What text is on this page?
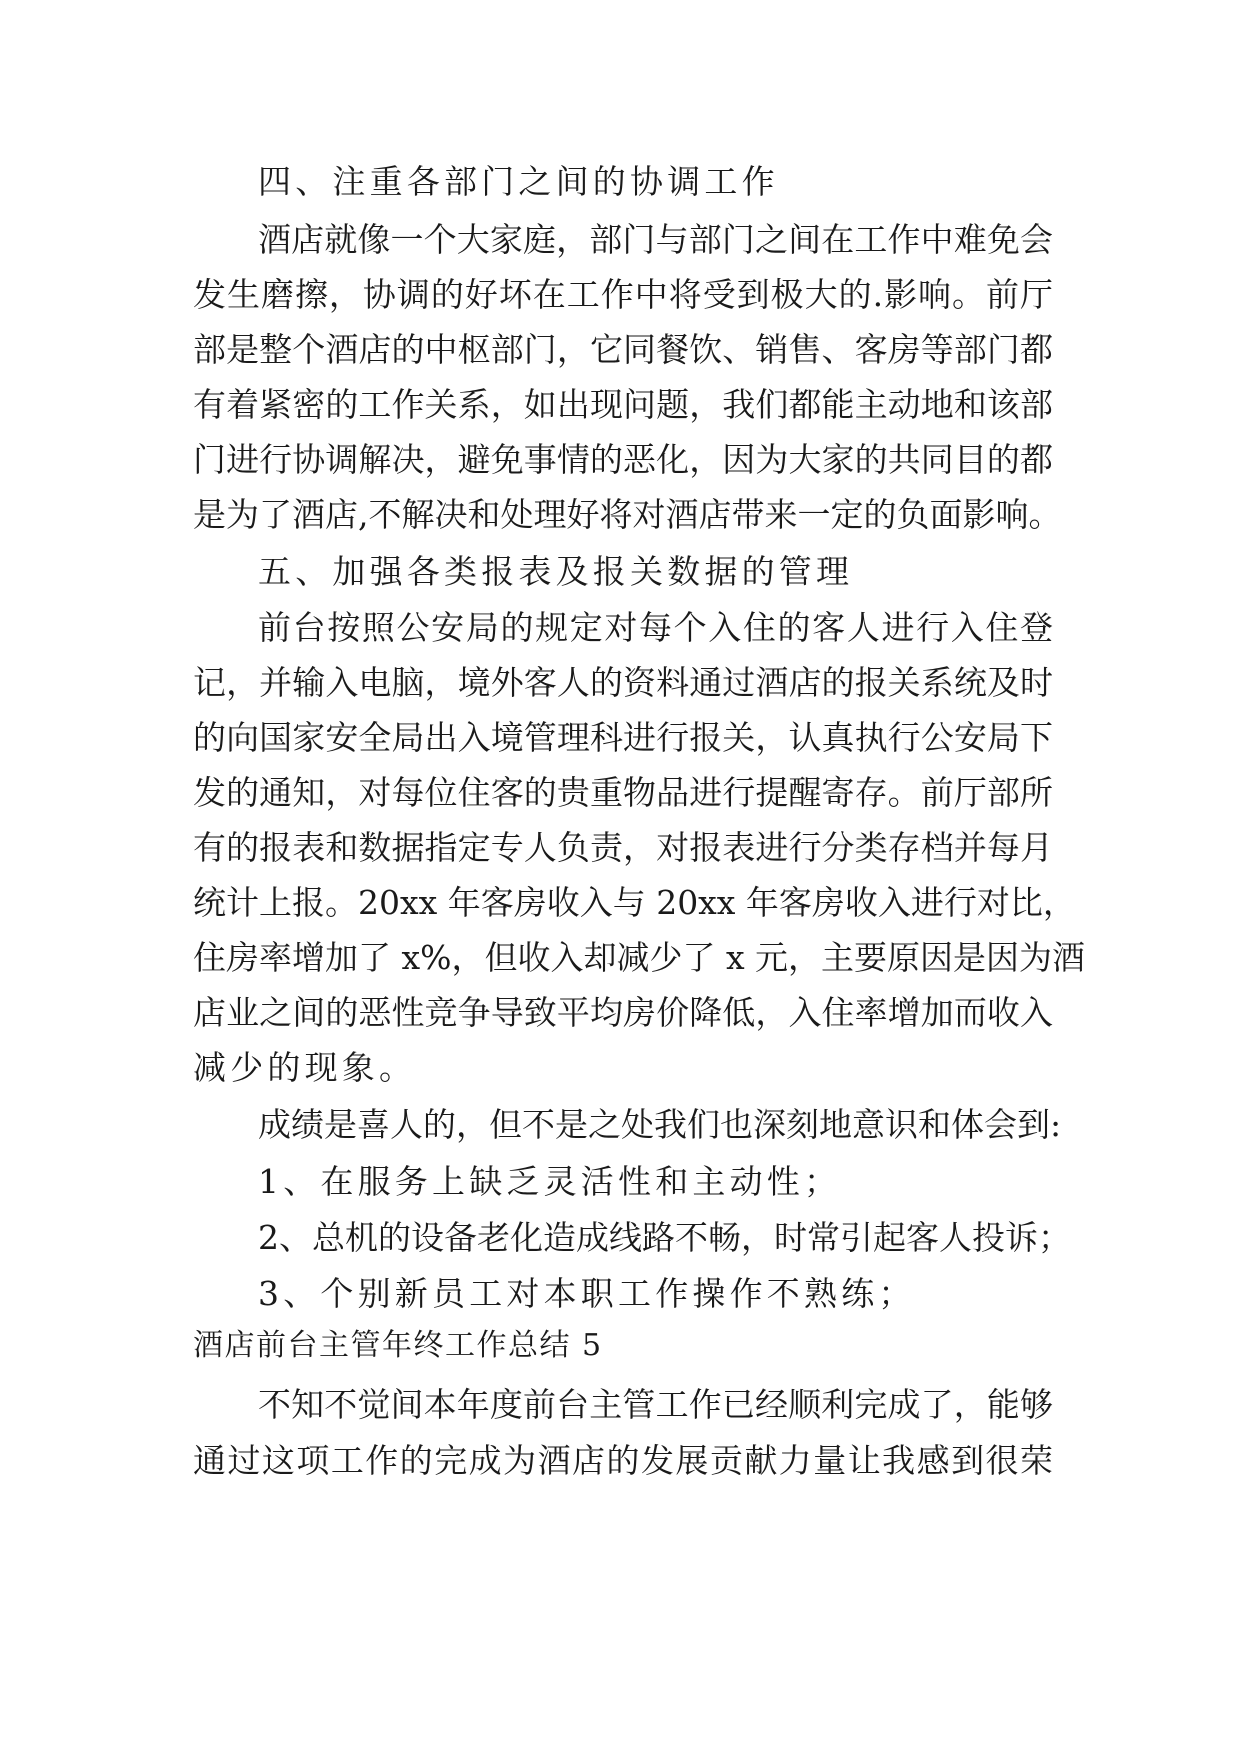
四、注重各部门之间的协调工作
酒店就像一个大家庭，部门与部门之间在工作中难免会
发生磨擦，协调的好坏在工作中将受到极大的.影响。前厅
部是整个酒店的中枢部门，它同餐饮、销售、客房等部门都
有着紧密的工作关系，如出现问题，我们都能主动地和该部
门进行协调解决，避免事情的恶化，因为大家的共同目的都
是为了酒店,不解决和处理好将对酒店带来一定的负面影响。
五、加强各类报表及报关数据的管理
前台按照公安局的规定对每个入住的客人进行入住登
记，并输入电脑，境外客人的资料通过酒店的报关系统及时
的向国家安全局出入境管理科进行报关，认真执行公安局下
发的通知，对每位住客的贵重物品进行提醒寄存。前厅部所
有的报表和数据指定专人负责，对报表进行分类存档并每月
统计上报。20xx 年客房收入与 20xx 年客房收入进行对比，
住房率增加了 x%，但收入却减少了 x 元，主要原因是因为酒
店业之间的恶性竞争导致平均房价降低，入住率增加而收入
减少的现象。
成绩是喜人的，但不是之处我们也深刻地意识和体会到:
1、在服务上缺乏灵活性和主动性；
2、总机的设备老化造成线路不畅，时常引起客人投诉；
3、个别新员工对本职工作操作不熟练；
酒店前台主管年终工作总结 5
不知不觉间本年度前台主管工作已经顺利完成了，能够
通过这项工作的完成为酒店的发展贡献力量让我感到很荣
